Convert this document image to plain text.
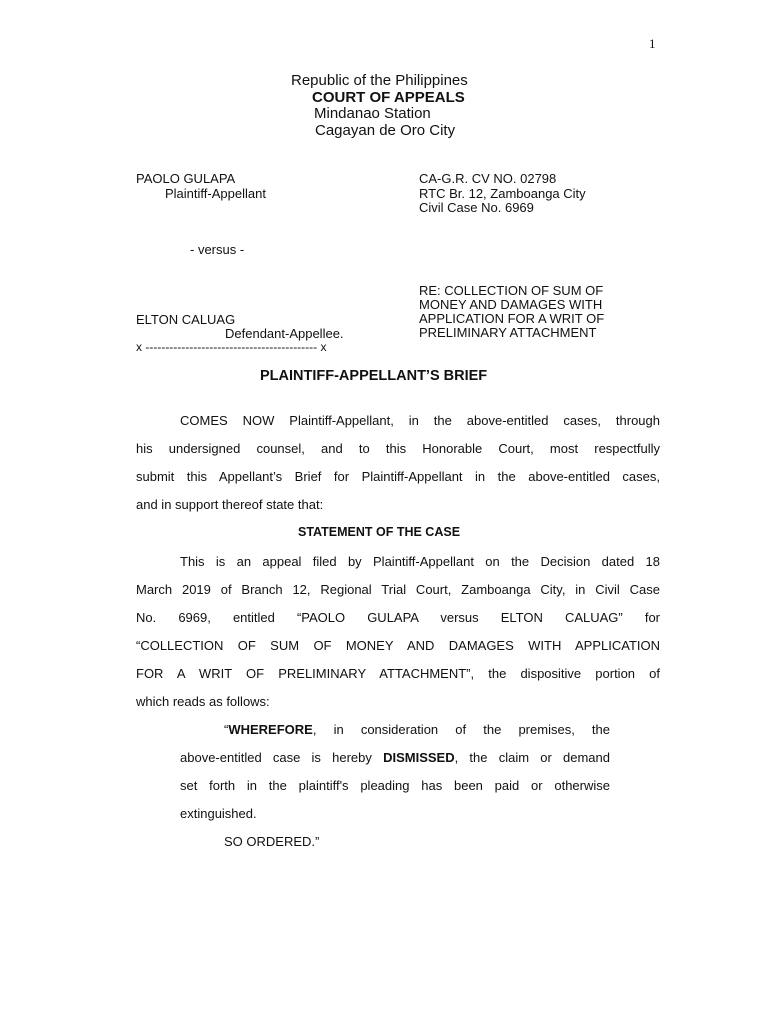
1
Republic of the Philippines
COURT OF APPEALS
Mindanao Station
Cagayan de Oro City
PAOLO GULAPA
Plaintiff-Appellant
- versus -
ELTON CALUAG
Defendant-Appellee.
x ------------------------------------------- x
CA-G.R. CV NO. 02798
RTC Br. 12, Zamboanga City
Civil Case No. 6969
RE: COLLECTION OF SUM OF
MONEY AND DAMAGES WITH
APPLICATION FOR A WRIT OF
PRELIMINARY ATTACHMENT
PLAINTIFF-APPELLANT’S BRIEF
COMES NOW Plaintiff-Appellant, in the above-entitled cases, through
his undersigned counsel, and to this Honorable Court, most respectfully
submit this Appellant’s Brief for Plaintiff-Appellant in the above-entitled cases,
and in support thereof state that:
STATEMENT OF THE CASE
This is an appeal filed by Plaintiff-Appellant on the Decision dated 18
March 2019 of Branch 12, Regional Trial Court, Zamboanga City, in Civil Case
No. 6969, entitled “PAOLO GULAPA versus ELTON CALUAG” for
“COLLECTION OF SUM OF MONEY AND DAMAGES WITH APPLICATION
FOR A WRIT OF PRELIMINARY ATTACHMENT”, the dispositive portion of
which reads as follows:
“WHEREFORE, in consideration of the premises, the
above-entitled case is hereby DISMISSED, the claim or demand
set forth in the plaintiff's pleading has been paid or otherwise
extinguished.
SO ORDERED.”
